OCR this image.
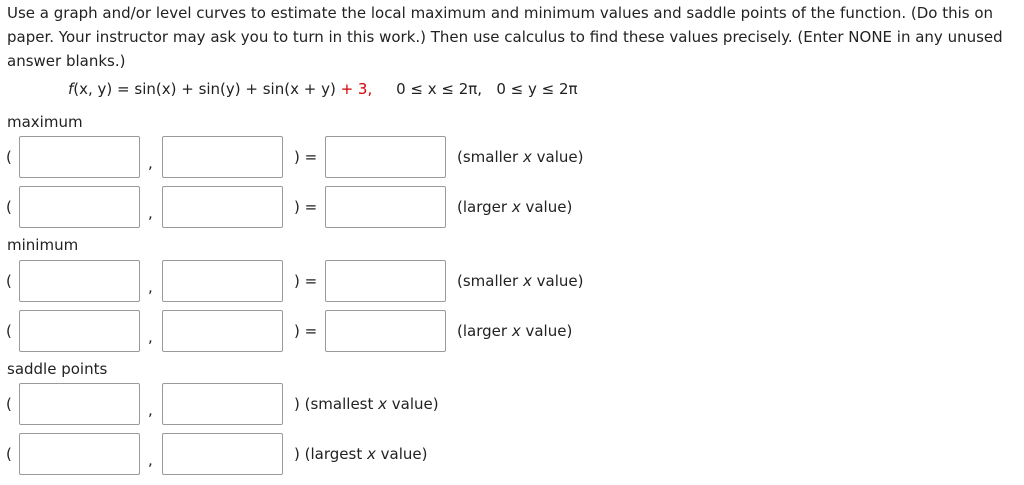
Use a graph and/or level curves to estimate the local maximum and minimum values and saddle points of the function. (Do this on paper. Your instructor may ask you to turn in this work.) Then use calculus to find these values precisely. (Enter NONE in any unused answer blanks.)

f(x, y) = sin(x) + sin(y) + sin(x + y) + 3, 0 ≤ x ≤ 2π, 0 ≤ y ≤ 2π
maximum
(	,	) =	(smaller x value)
(	,	) =	(larger x value)
minimum
(	,	) =	(smaller x value)
(	,	) =	(larger x value)
saddle points
(	,	) (smallest x value)
(	,	) (largest x value)
